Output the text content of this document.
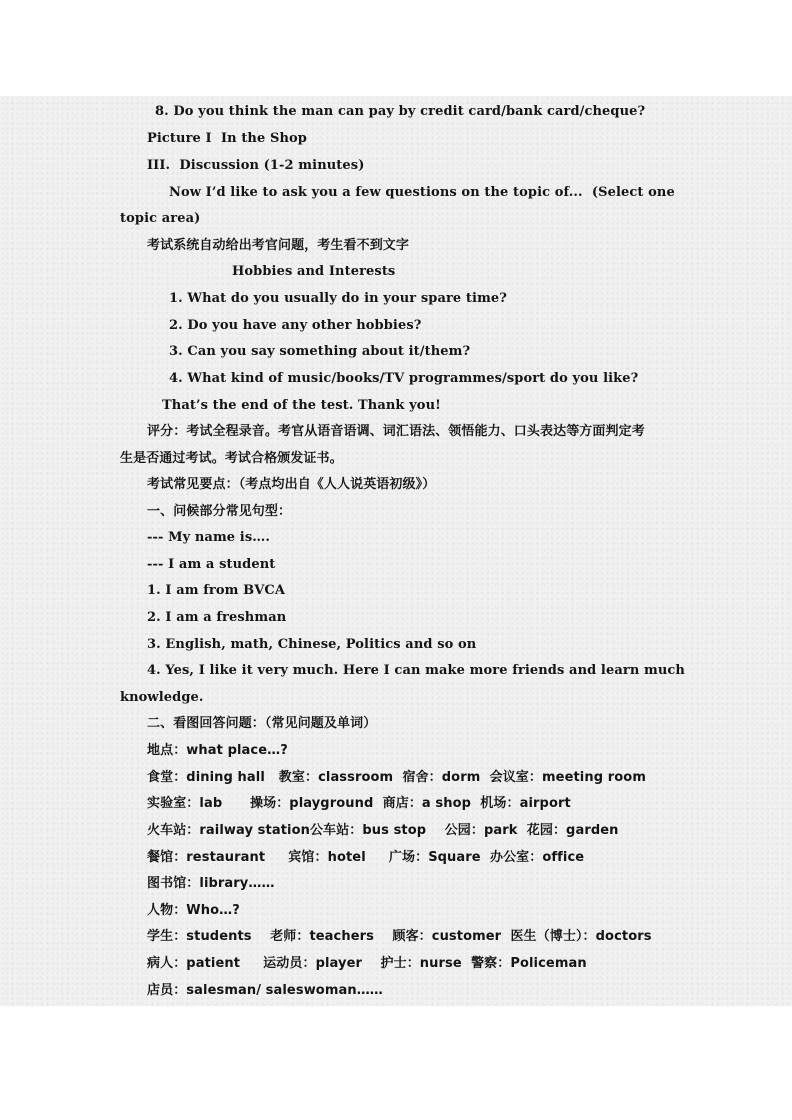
8. Do you think the man can pay by credit card/bank card/cheque?

Picture I  In the Shop

III.  Discussion (1-2 minutes)

Now I’d like to ask you a few questions on the topic of...  (Select one

topic area)

考试系统自动给出考官问题，考生看不到文字

Hobbies and Interests

1. What do you usually do in your spare time?

2. Do you have any other hobbies?

3. Can you say something about it/them?

4. What kind of music/books/TV programmes/sport do you like?

That’s the end of the test. Thank you!

评分：考试全程录音。考官从语音语调、词汇语法、领悟能力、口头表达等方面判定考

生是否通过考试。考试合格颁发证书。

考试常见要点：（考点均出自《人人说英语初级》）

一、问候部分常见句型：

--- My name is….

--- I am a student

1. I am from BVCA

2. I am a freshman

3. English, math, Chinese, Politics and so on

4. Yes, I like it very much. Here I can make more friends and learn much

knowledge.

二、看图回答问题：（常见问题及单词）

地点：what place…?

食堂：dining hall   教室：classroom  宿舍：dorm  会议室：meeting room

实验室：lab      操场：playground  商店：a shop  机场：airport

火车站：railway station公车站：bus stop    公园：park  花园：garden

餐馆：restaurant     宾馆：hotel     广场：Square  办公室：office

图书馆：library……

人物：Who…?

学生：students    老师：teachers    顾客：customer  医生（博士）：doctors

病人：patient     运动员：player    护士：nurse  警察：Policeman

店员：salesman/ saleswoman……
